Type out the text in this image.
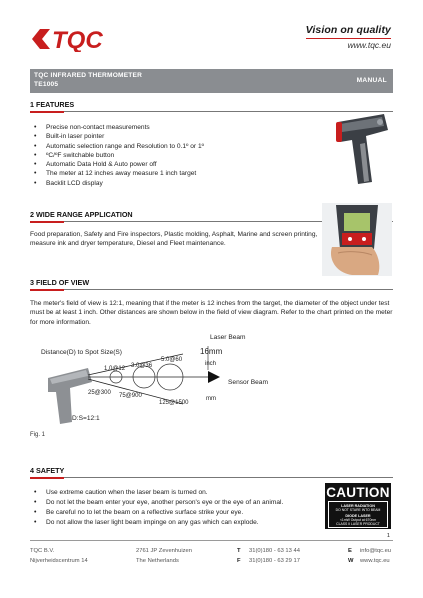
TQC	Vision on quality
www.tqc.eu
TQC INFRARED THERMOMETER
TE1005	MANUAL
1 FEATURES
• Precise non-contact measurements
• Built-in laser pointer
• Automatic selection range and Resolution to 0.1º or 1º
• ºC/ºF switchable button
• Automatic Data Hold & Auto power off
• The meter at 12 inches away measure 1 inch target
• Backlit LCD display
2 WIDE RANGE APPLICATION
Food preparation, Safety and Fire inspectors, Plastic molding, Asphalt, Marine and screen printing, measure ink and dryer temperature, Diesel and Fleet maintenance.
3 FIELD OF VIEW
The meter's field of view is 12:1, meaning that if the meter is 12 inches from the target, the diameter of the object under test must be at least 1 inch. Other distances are shown below in the field of view diagram. Refer to the chart printed on the meter for more information.
Laser Beam
Distance(D) to Spot Size(S)	16mm
inch
Sensor Beam
mm
1.0@12 3.0@36
5.0@60
25@300 75@900
125@1500
D:S=12:1
Fig. 1
4 SAFETY
• Use extreme caution when the laser beam is turned on.
• Do not let the beam enter your eye, another person's eye or the eye of an animal.
• Be careful no to let the beam on a reflective surface strike your eye.
• Do not allow the laser light beam impinge on any gas which can explode.
CAUTION
LASER RADIATION
DO NOT STARE INTO BEAM
DIODE LASER
<1mW Output at 670nm
CLASS II LASER PRODUCT
1
TQC B.V.
Nijverheidscentrum 14
2761 JP Zevenhuizen
The Netherlands
T 31(0)180 - 63 13 44
F 31(0)180 - 63 29 17
E info@tqc.eu
W www.tqc.eu
